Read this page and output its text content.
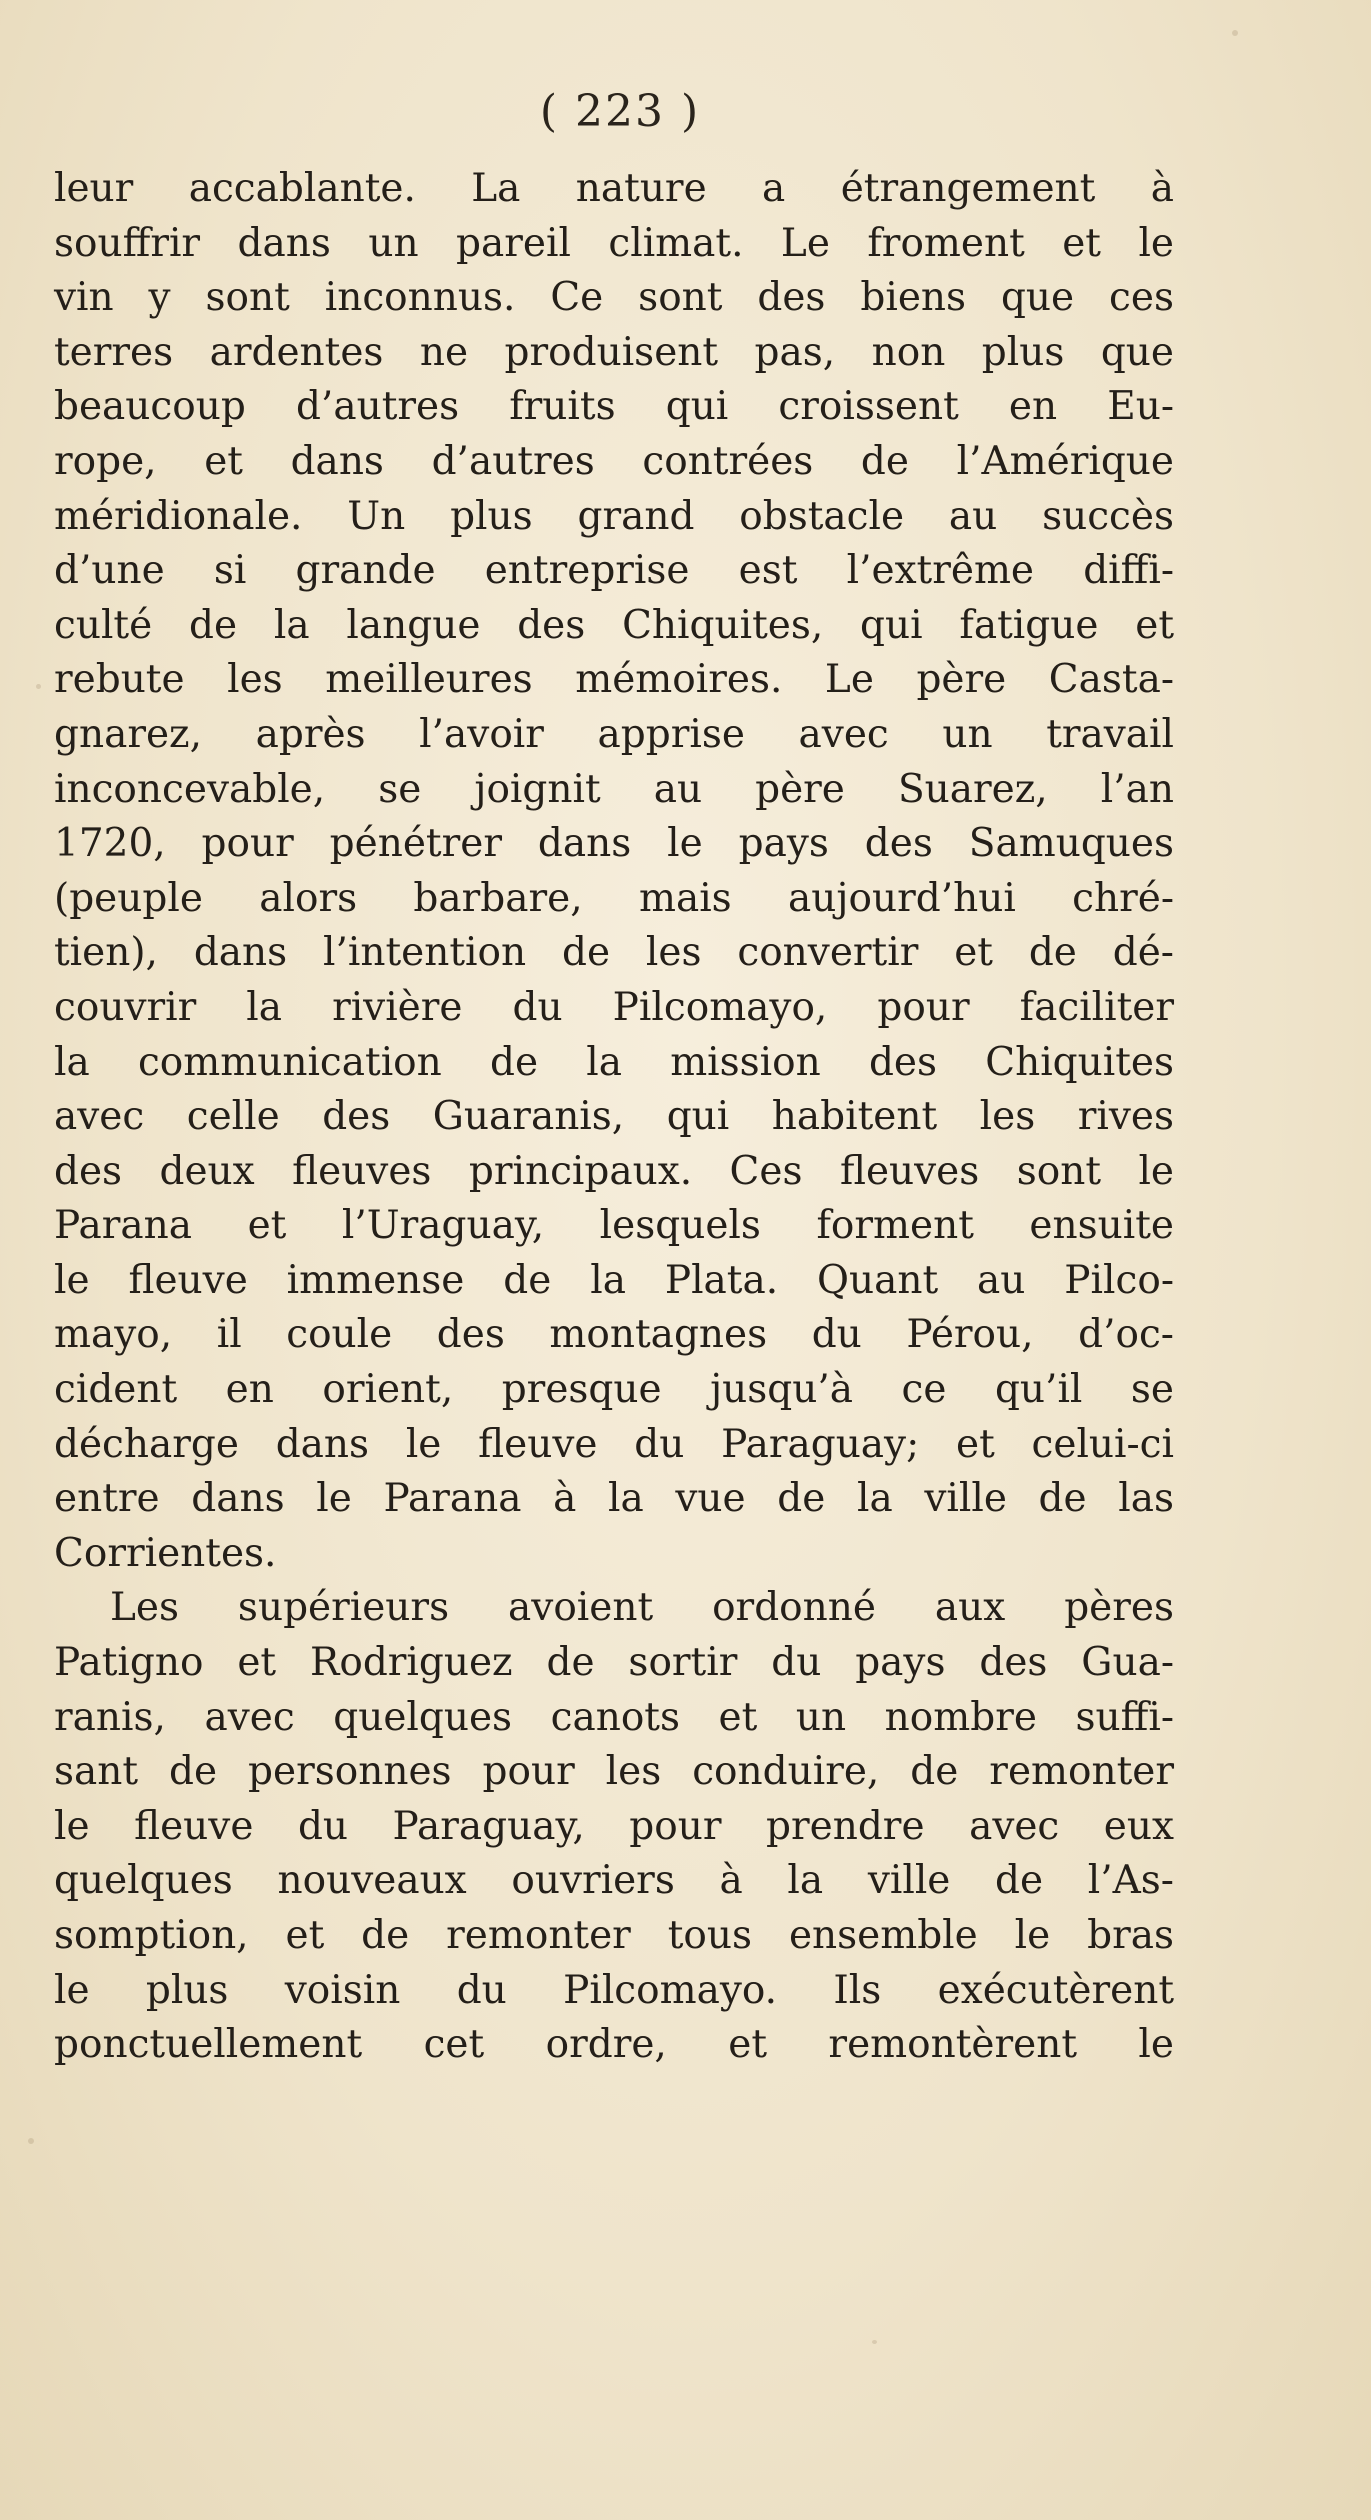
( 223 )
leur accablante. La nature a étrangement à
souffrir dans un pareil climat. Le froment et le
vin y sont inconnus. Ce sont des biens que ces
terres ardentes ne produisent pas, non plus que
beaucoup d’autres fruits qui croissent en Eu-
rope, et dans d’autres contrées de l’Amérique
méridionale. Un plus grand obstacle au succès
d’une si grande entreprise est l’extrême diffi-
culté de la langue des Chiquites, qui fatigue et
rebute les meilleures mémoires. Le père Casta-
gnarez, après l’avoir apprise avec un travail
inconcevable, se joignit au père Suarez, l’an
1720, pour pénétrer dans le pays des Samuques
(peuple alors barbare, mais aujourd’hui chré-
tien), dans l’intention de les convertir et de dé-
couvrir la rivière du Pilcomayo, pour faciliter
la communication de la mission des Chiquites
avec celle des Guaranis, qui habitent les rives
des deux fleuves principaux. Ces fleuves sont le
Parana et l’Uraguay, lesquels forment ensuite
le fleuve immense de la Plata. Quant au Pilco-
mayo, il coule des montagnes du Pérou, d’oc-
cident en orient, presque jusqu’à ce qu’il se
décharge dans le fleuve du Paraguay; et celui-ci
entre dans le Parana à la vue de la ville de las
Corrientes.
Les supérieurs avoient ordonné aux pères
Patigno et Rodriguez de sortir du pays des Gua-
ranis, avec quelques canots et un nombre suffi-
sant de personnes pour les conduire, de remonter
le fleuve du Paraguay, pour prendre avec eux
quelques nouveaux ouvriers à la ville de l’As-
somption, et de remonter tous ensemble le bras
le plus voisin du Pilcomayo. Ils exécutèrent
ponctuellement cet ordre, et remontèrent le
